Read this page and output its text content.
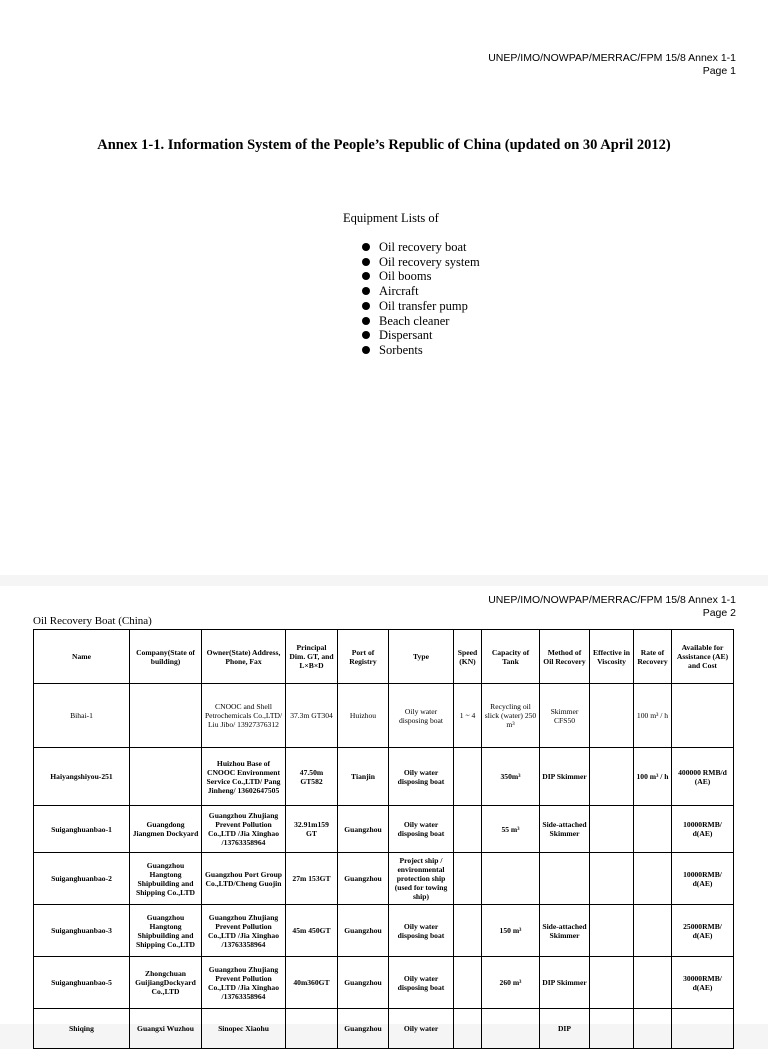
UNEP/IMO/NOWPAP/MERRAC/FPM 15/8 Annex 1-1
Page 1
Annex 1-1. Information System of the People’s Republic of China (updated on 30 April 2012)
Equipment Lists of
Oil recovery boat
Oil recovery system
Oil booms
Aircraft
Oil transfer pump
Beach cleaner
Dispersant
Sorbents
UNEP/IMO/NOWPAP/MERRAC/FPM 15/8 Annex 1-1
Page 2
Oil Recovery Boat (China)
Name	Company(State of building)	Owner(State) Address, Phone, Fax	Principal Dim. GT, and L×B×D	Port of Registry	Type	Speed (KN)	Capacity of Tank	Method of Oil Recovery	Effective in Viscosity	Rate of Recovery	Available for Assistance (AE) and Cost
Bihai-1		CNOOC and Shell Petrochemicals Co.,LTD/ Liu Jibo/ 13927376312	37.3m GT304	Huizhou	Oily water disposing boat	1 ~ 4	Recycling oil slick (water) 250 m³	Skimmer CFS50		100 m³ / h	
Haiyangshiyou-251		Huizhou Base of CNOOC Environment Service Co.,LTD/ Pang Jinheng/ 13602647505	47.50m GT582	Tianjin	Oily water disposing boat		350m³	DIP Skimmer		100 m³ / h	400000 RMB/d (AE)
Suiganghuanbao-1	Guangdong Jiangmen Dockyard	Guangzhou Zhujiang Prevent Pollution Co.,LTD /Jia Xinghao /13763358964	32.91m159 GT	Guangzhou	Oily water disposing boat		55 m³	Side-attached Skimmer			10000RMB/ d(AE)
Suiganghuanbao-2	Guangzhou Hangtong Shipbuilding and Shipping Co.,LTD	Guangzhou Port Group Co.,LTD/Cheng Guojin	27m 153GT	Guangzhou	Project ship / environmental protection ship (used for towing ship)						10000RMB/ d(AE)
Suiganghuanbao-3	Guangzhou Hangtong Shipbuilding and Shipping Co.,LTD	Guangzhou Zhujiang Prevent Pollution Co.,LTD /Jia Xinghao /13763358964	45m 450GT	Guangzhou	Oily water disposing boat		150 m³	Side-attached Skimmer			25000RMB/ d(AE)
Suiganghuanbao-5	Zhongchuan GuijiangDockyard Co.,LTD	Guangzhou Zhujiang Prevent Pollution Co.,LTD /Jia Xinghao /13763358964	40m360GT	Guangzhou	Oily water disposing boat		260 m³	DIP Skimmer			30000RMB/ d(AE)
Shiqing	Guangxi Wuzhou	Sinopec Xiaohu		Guangzhou	Oily water			DIP			
